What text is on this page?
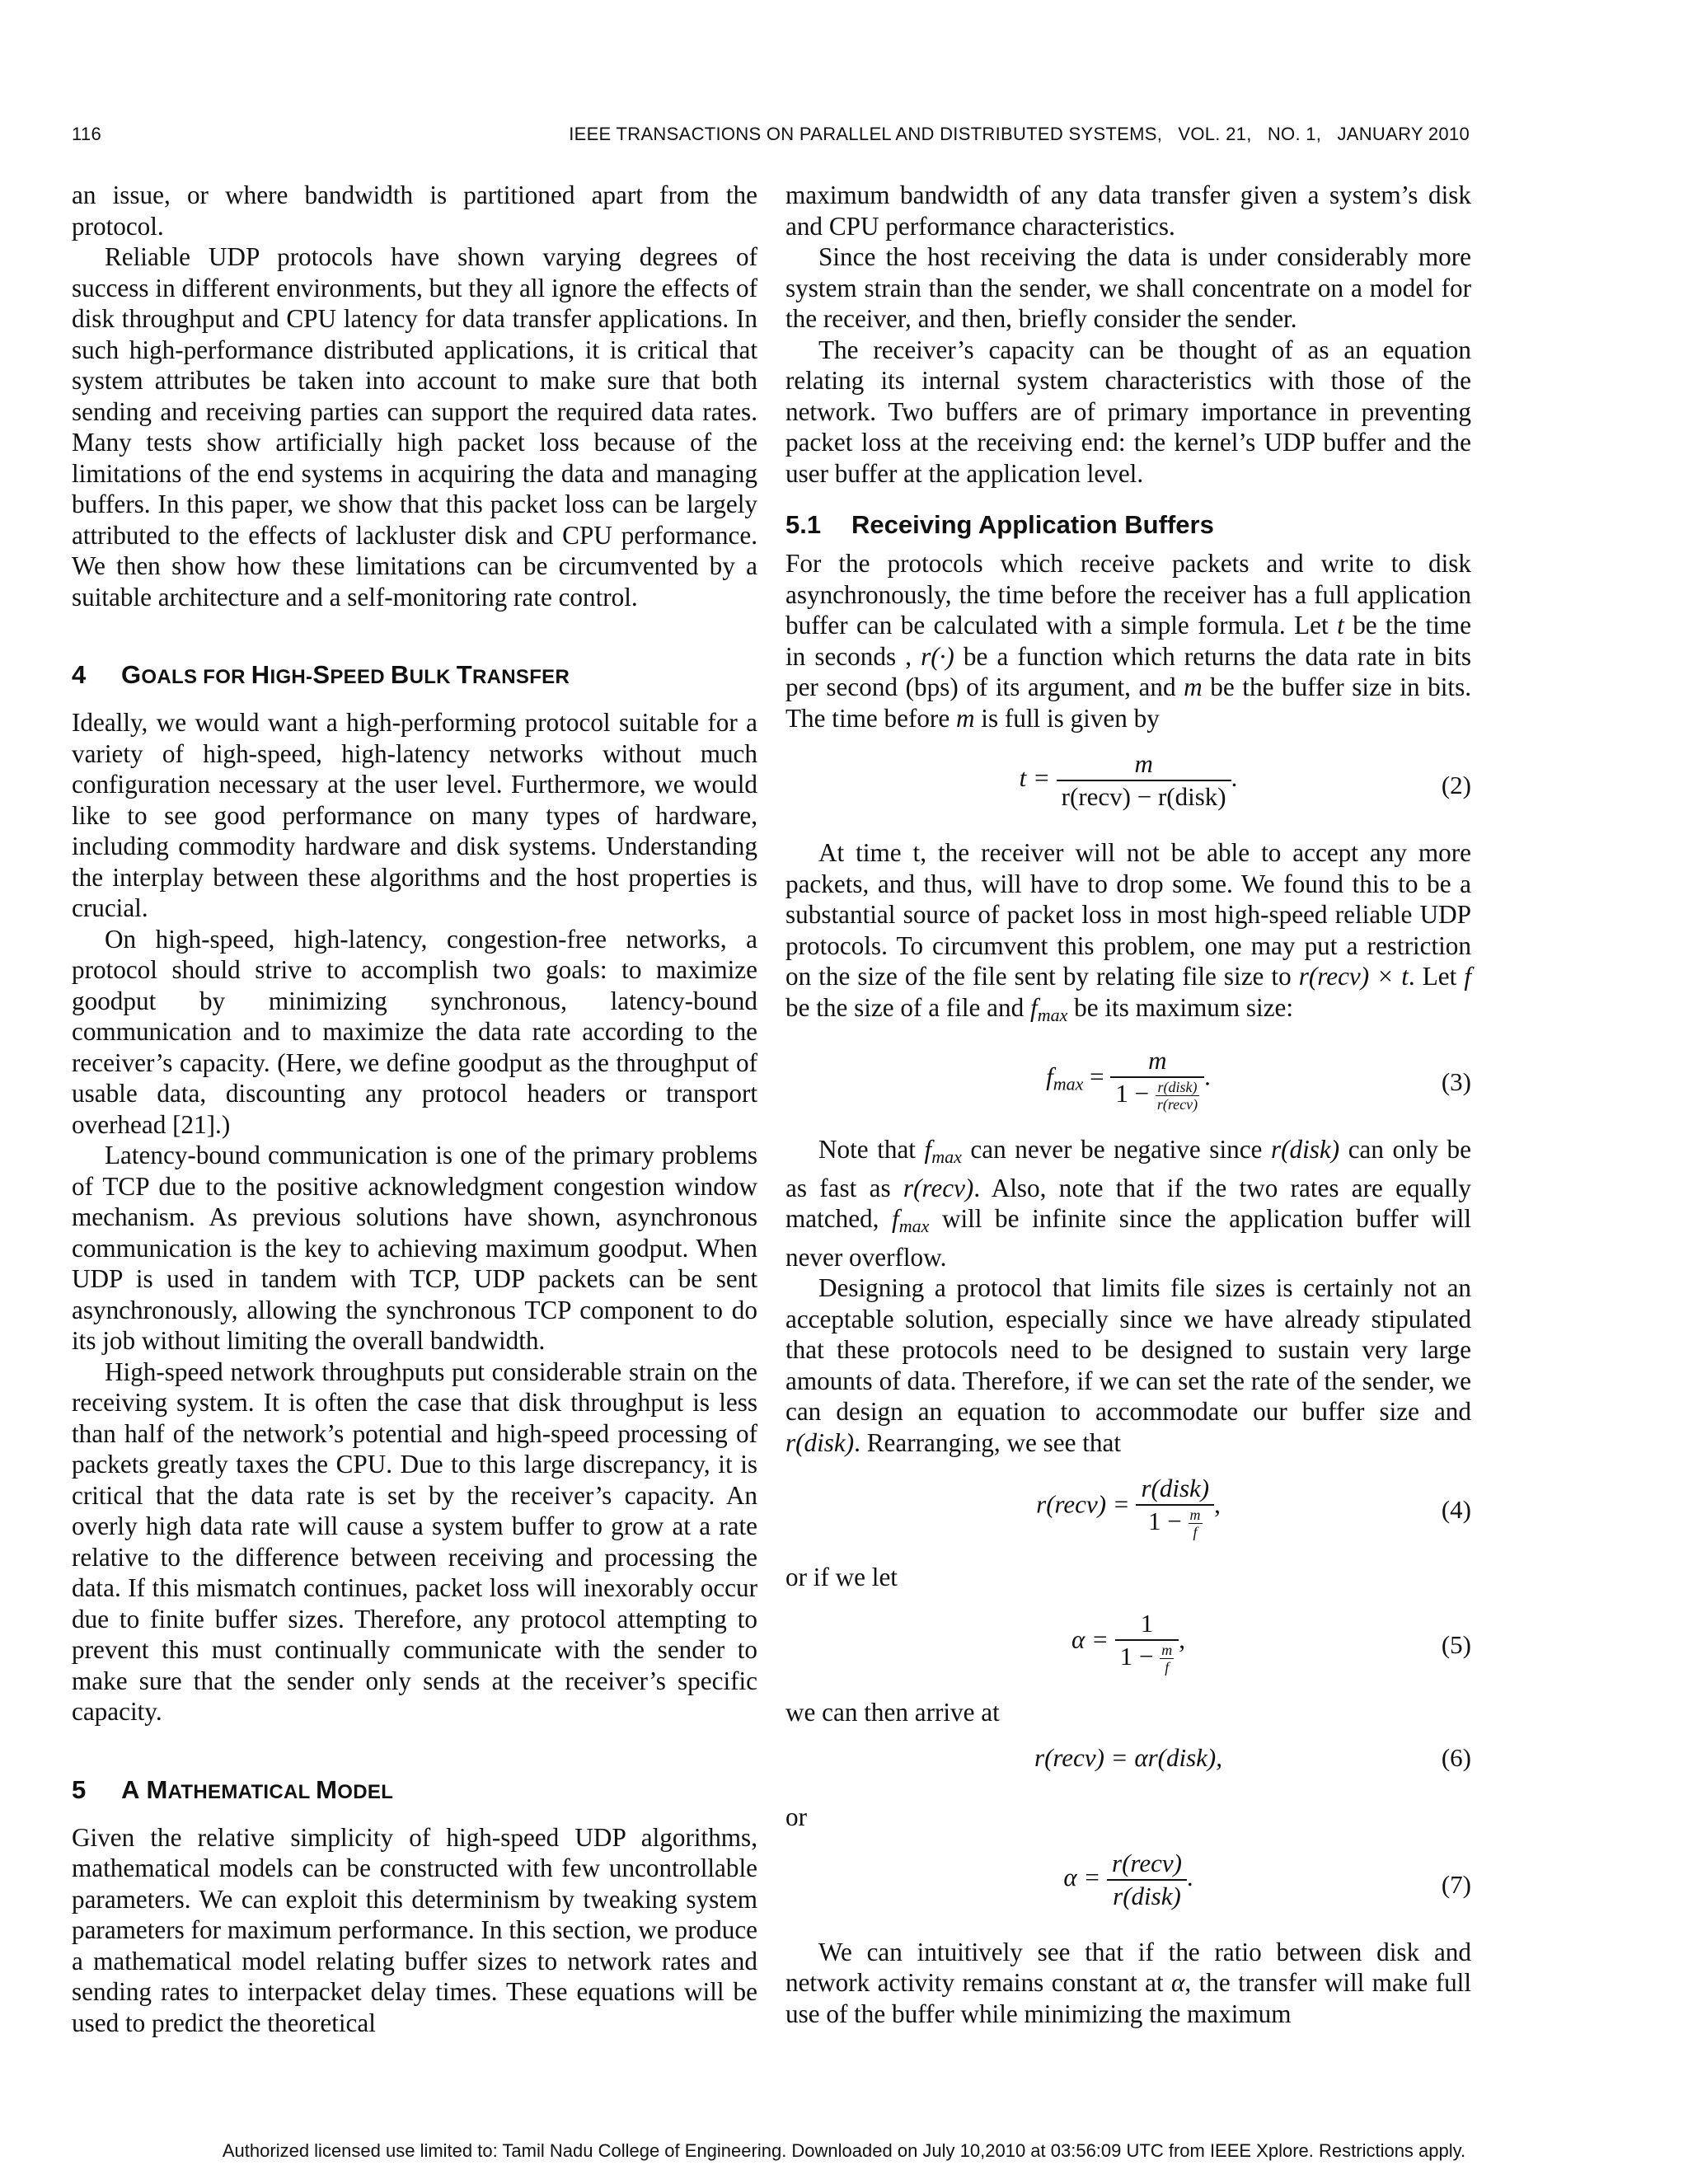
116	IEEE TRANSACTIONS ON PARALLEL AND DISTRIBUTED SYSTEMS,   VOL. 21,   NO. 1,   JANUARY 2010

an issue, or where bandwidth is partitioned apart from the protocol.

Reliable UDP protocols have shown varying degrees of success in different environments, but they all ignore the effects of disk throughput and CPU latency for data transfer applications. In such high-performance distributed applications, it is critical that system attributes be taken into account to make sure that both sending and receiving parties can support the required data rates. Many tests show artificially high packet loss because of the limitations of the end systems in acquiring the data and managing buffers. In this paper, we show that this packet loss can be largely attributed to the effects of lackluster disk and CPU performance. We then show how these limitations can be circumvented by a suitable architecture and a self-monitoring rate control.

4 GOALS FOR HIGH-SPEED BULK TRANSFER

Ideally, we would want a high-performing protocol suitable for a variety of high-speed, high-latency networks without much configuration necessary at the user level. Furthermore, we would like to see good performance on many types of hardware, including commodity hardware and disk systems. Understanding the interplay between these algorithms and the host properties is crucial.

On high-speed, high-latency, congestion-free networks, a protocol should strive to accomplish two goals: to maximize goodput by minimizing synchronous, latency-bound communication and to maximize the data rate according to the receiver’s capacity. (Here, we define goodput as the throughput of usable data, discounting any protocol headers or transport overhead [21].)

Latency-bound communication is one of the primary problems of TCP due to the positive acknowledgment congestion window mechanism. As previous solutions have shown, asynchronous communication is the key to achieving maximum goodput. When UDP is used in tandem with TCP, UDP packets can be sent asynchronously, allowing the synchronous TCP component to do its job without limiting the overall bandwidth.

High-speed network throughputs put considerable strain on the receiving system. It is often the case that disk throughput is less than half of the network’s potential and high-speed processing of packets greatly taxes the CPU. Due to this large discrepancy, it is critical that the data rate is set by the receiver’s capacity. An overly high data rate will cause a system buffer to grow at a rate relative to the difference between receiving and processing the data. If this mismatch continues, packet loss will inexorably occur due to finite buffer sizes. Therefore, any protocol attempting to prevent this must continually communicate with the sender to make sure that the sender only sends at the receiver’s specific capacity.

5 A MATHEMATICAL MODEL

Given the relative simplicity of high-speed UDP algorithms, mathematical models can be constructed with few uncontrollable parameters. We can exploit this determinism by tweaking system parameters for maximum performance. In this section, we produce a mathematical model relating buffer sizes to network rates and sending rates to interpacket delay times. These equations will be used to predict the theoretical

maximum bandwidth of any data transfer given a system’s disk and CPU performance characteristics.

Since the host receiving the data is under considerably more system strain than the sender, we shall concentrate on a model for the receiver, and then, briefly consider the sender.

The receiver’s capacity can be thought of as an equation relating its internal system characteristics with those of the network. Two buffers are of primary importance in preventing packet loss at the receiving end: the kernel’s UDP buffer and the user buffer at the application level.

5.1 Receiving Application Buffers

For the protocols which receive packets and write to disk asynchronously, the time before the receiver has a full application buffer can be calculated with a simple formula. Let t be the time in seconds , r(·) be a function which returns the data rate in bits per second (bps) of its argument, and m be the buffer size in bits. The time before m is full is given by

$t = \frac{m}{\text{r(recv) − r(disk)}}$ .	(2)

At time t, the receiver will not be able to accept any more packets, and thus, will have to drop some. We found this to be a substantial source of packet loss in most high-speed reliable UDP protocols. To circumvent this problem, one may put a restriction on the size of the file sent by relating file size to r(recv) × t. Let f be the size of a file and fmax be its maximum size:

fmax = m
1 − r(disk)
r(recv) .	(3)

Note that fmax can never be negative since r(disk) can only be as fast as r(recv). Also, note that if the two rates are equally matched, fmax will be infinite since the application buffer will never overflow.

Designing a protocol that limits file sizes is certainly not an acceptable solution, especially since we have already stipulated that these protocols need to be designed to sustain very large amounts of data. Therefore, if we can set the rate of the sender, we can design an equation to accommodate our buffer size and r(disk). Rearranging, we see that

r(recv) = $\frac{\text{r(disk)}}{1 - \frac{m}{f}}$ ,	(4)

or if we let

$\alpha = \frac{1}{1 - \frac{m}{f}}$ ,	(5)

we can then arrive at

r(recv) = αr(disk),	(6)

or

$\alpha = \frac{\text{r(recv)}}{\text{r(disk)}}$ .	(7)

We can intuitively see that if the ratio between disk and network activity remains constant at α, the transfer will make full use of the buffer while minimizing the maximum

Authorized licensed use limited to: Tamil Nadu College of Engineering. Downloaded on July 10,2010 at 03:56:09 UTC from IEEE Xplore. Restrictions apply.
